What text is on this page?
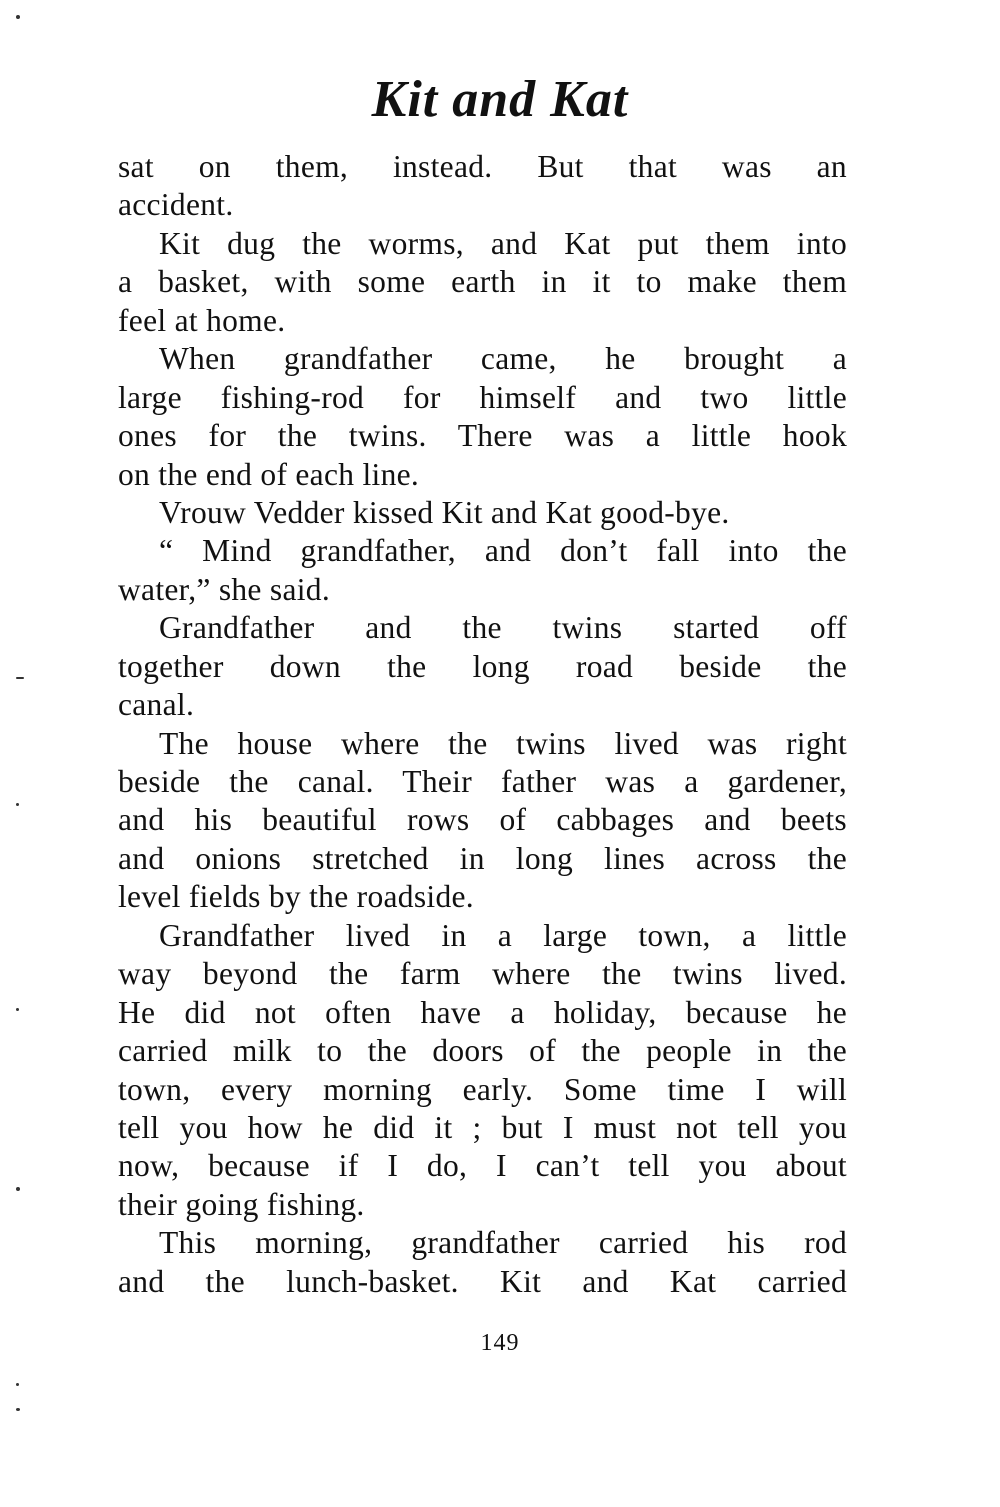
Kit and Kat
sat on them, instead. But that was an
accident.
Kit dug the worms, and Kat put them into
a basket, with some earth in it to make them
feel at home.
When grandfather came, he brought a
large fishing-rod for himself and two little
ones for the twins. There was a little hook
on the end of each line.
Vrouw Vedder kissed Kit and Kat good-bye.
“ Mind grandfather, and don’t fall into the
water,” she said.
Grandfather and the twins started off
together down the long road beside the
canal.
The house where the twins lived was right
beside the canal. Their father was a gardener,
and his beautiful rows of cabbages and beets
and onions stretched in long lines across the
level fields by the roadside.
Grandfather lived in a large town, a little
way beyond the farm where the twins lived.
He did not often have a holiday, because he
carried milk to the doors of the people in the
town, every morning early. Some time I will
tell you how he did it ; but I must not tell you
now, because if I do, I can’t tell you about
their going fishing.
This morning, grandfather carried his rod
and the lunch-basket. Kit and Kat carried
149
